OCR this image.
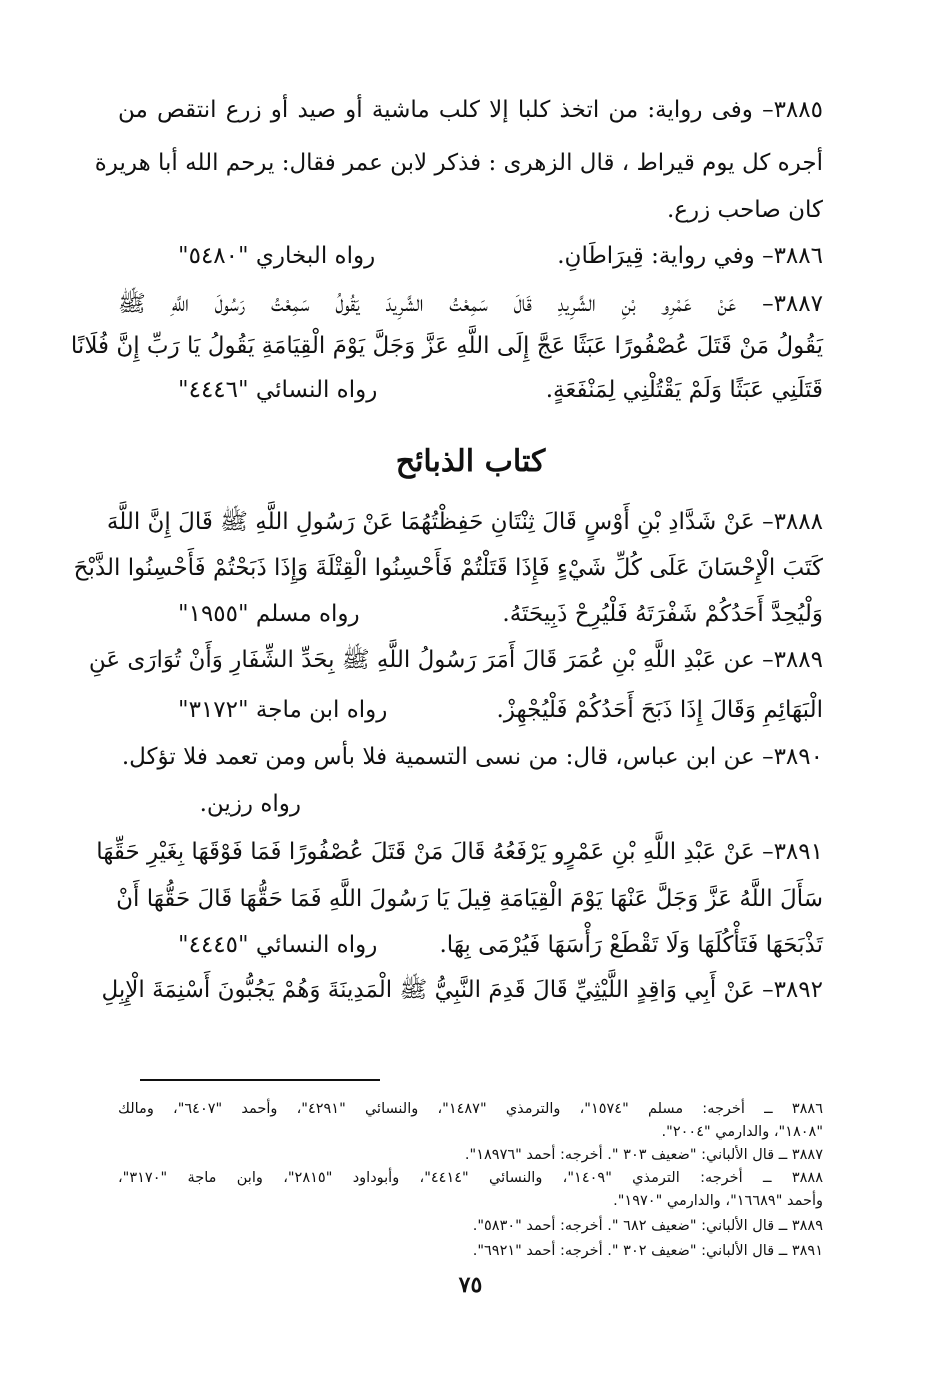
٣٨٨٥– وفى رواية: من اتخذ كلبا إلا كلب ماشية أو صيد أو زرع انتقص من
أجره كل يوم قيراط ، قال الزهرى : فذكر لابن عمر فقال: يرحم الله أبا هريرة
كان صاحب زرع.
٣٨٨٦– وفي رواية: قِيرَاطَانِ.
رواه البخاري "٥٤٨٠"
٣٨٨٧– عَنْ عَمْرِو بْنِ الشَّرِيدِ قَالَ سَمِعْتُ الشَّرِيدَ يَقُولُ سَمِعْتُ رَسُولَ اللَّهِ ﷺ
يَقُولُ مَنْ قَتَلَ عُصْفُورًا عَبَثًا عَجَّ إِلَى اللَّهِ عَزَّ وَجَلَّ يَوْمَ الْقِيَامَةِ يَقُولُ يَا رَبِّ إِنَّ فُلَانًا
قَتَلَنِي عَبَثًا وَلَمْ يَقْتُلْنِي لِمَنْفَعَةٍ.
رواه النسائي "٤٤٤٦"
كتاب الذبائح
٣٨٨٨– عَنْ شَدَّادِ بْنِ أَوْسٍ قَالَ ثِنْتَانِ حَفِظْتُهُمَا عَنْ رَسُولِ اللَّهِ ﷺ قَالَ إِنَّ اللَّهَ
كَتَبَ الْإِحْسَانَ عَلَى كُلِّ شَيْءٍ فَإِذَا قَتَلْتُمْ فَأَحْسِنُوا الْقِتْلَةَ وَإِذَا ذَبَحْتُمْ فَأَحْسِنُوا الذَّبْحَ
وَلْيُحِدَّ أَحَدُكُمْ شَفْرَتَهُ فَلْيُرِحْ ذَبِيحَتَهُ.
رواه مسلم "١٩٥٥"
٣٨٨٩– عن عَبْدِ اللَّهِ بْنِ عُمَرَ قَالَ أَمَرَ رَسُولُ اللَّهِ ﷺ بِحَدِّ الشِّفَارِ وَأَنْ تُوَارَى عَنِ
الْبَهَائِمِ وَقَالَ إِذَا ذَبَحَ أَحَدُكُمْ فَلْيُجْهِزْ.
رواه ابن ماجة "٣١٧٢"
٣٨٩٠– عن ابن عباس، قال: من نسى التسمية فلا بأس ومن تعمد فلا تؤكل.
رواه رزين.
٣٨٩١– عَنْ عَبْدِ اللَّهِ بْنِ عَمْرٍو يَرْفَعُهُ قَالَ مَنْ قَتَلَ عُصْفُورًا فَمَا فَوْقَهَا بِغَيْرِ حَقِّهَا
سَأَلَ اللَّهُ عَزَّ وَجَلَّ عَنْهَا يَوْمَ الْقِيَامَةِ قِيلَ يَا رَسُولَ اللَّهِ فَمَا حَقُّهَا قَالَ حَقُّهَا أَنْ
تَذْبَحَهَا فَتَأْكُلَهَا وَلَا تَقْطَعْ رَأْسَهَا فَيُرْمَى بِهَا.
رواه النسائي "٤٤٤٥"
٣٨٩٢– عَنْ أَبِي وَاقِدٍ اللَّيْثِيِّ قَالَ قَدِمَ النَّبِيُّ ﷺ الْمَدِينَةَ وَهُمْ يَجُبُّونَ أَسْنِمَةَ الْإِبِلِ
٣٨٨٦ ــ أخرجه: مسلم "١٥٧٤"، والترمذي "١٤٨٧"، والنسائي "٤٢٩١"، وأحمد "٦٤٠٧"، ومالك
"١٨٠٨"، والدارمي "٢٠٠٤".
٣٨٨٧ ــ قال الألباني: "ضعيف ٣٠٣ ". أخرجه: أحمد "١٨٩٧٦".
٣٨٨٨ ــ أخرجه: الترمذي "١٤٠٩"، والنسائي "٤٤١٤"، وأبوداود "٢٨١٥"، وابن ماجة "٣١٧٠"،
وأحمد "١٦٦٨٩"، والدارمي "١٩٧٠".
٣٨٨٩ ــ قال الألباني: "ضعيف ٦٨٢ ". أخرجه: أحمد "٥٨٣٠".
٣٨٩١ ــ قال الألباني: "ضعيف ٣٠٢ ". أخرجه: أحمد "٦٩٢١".
٧٥
